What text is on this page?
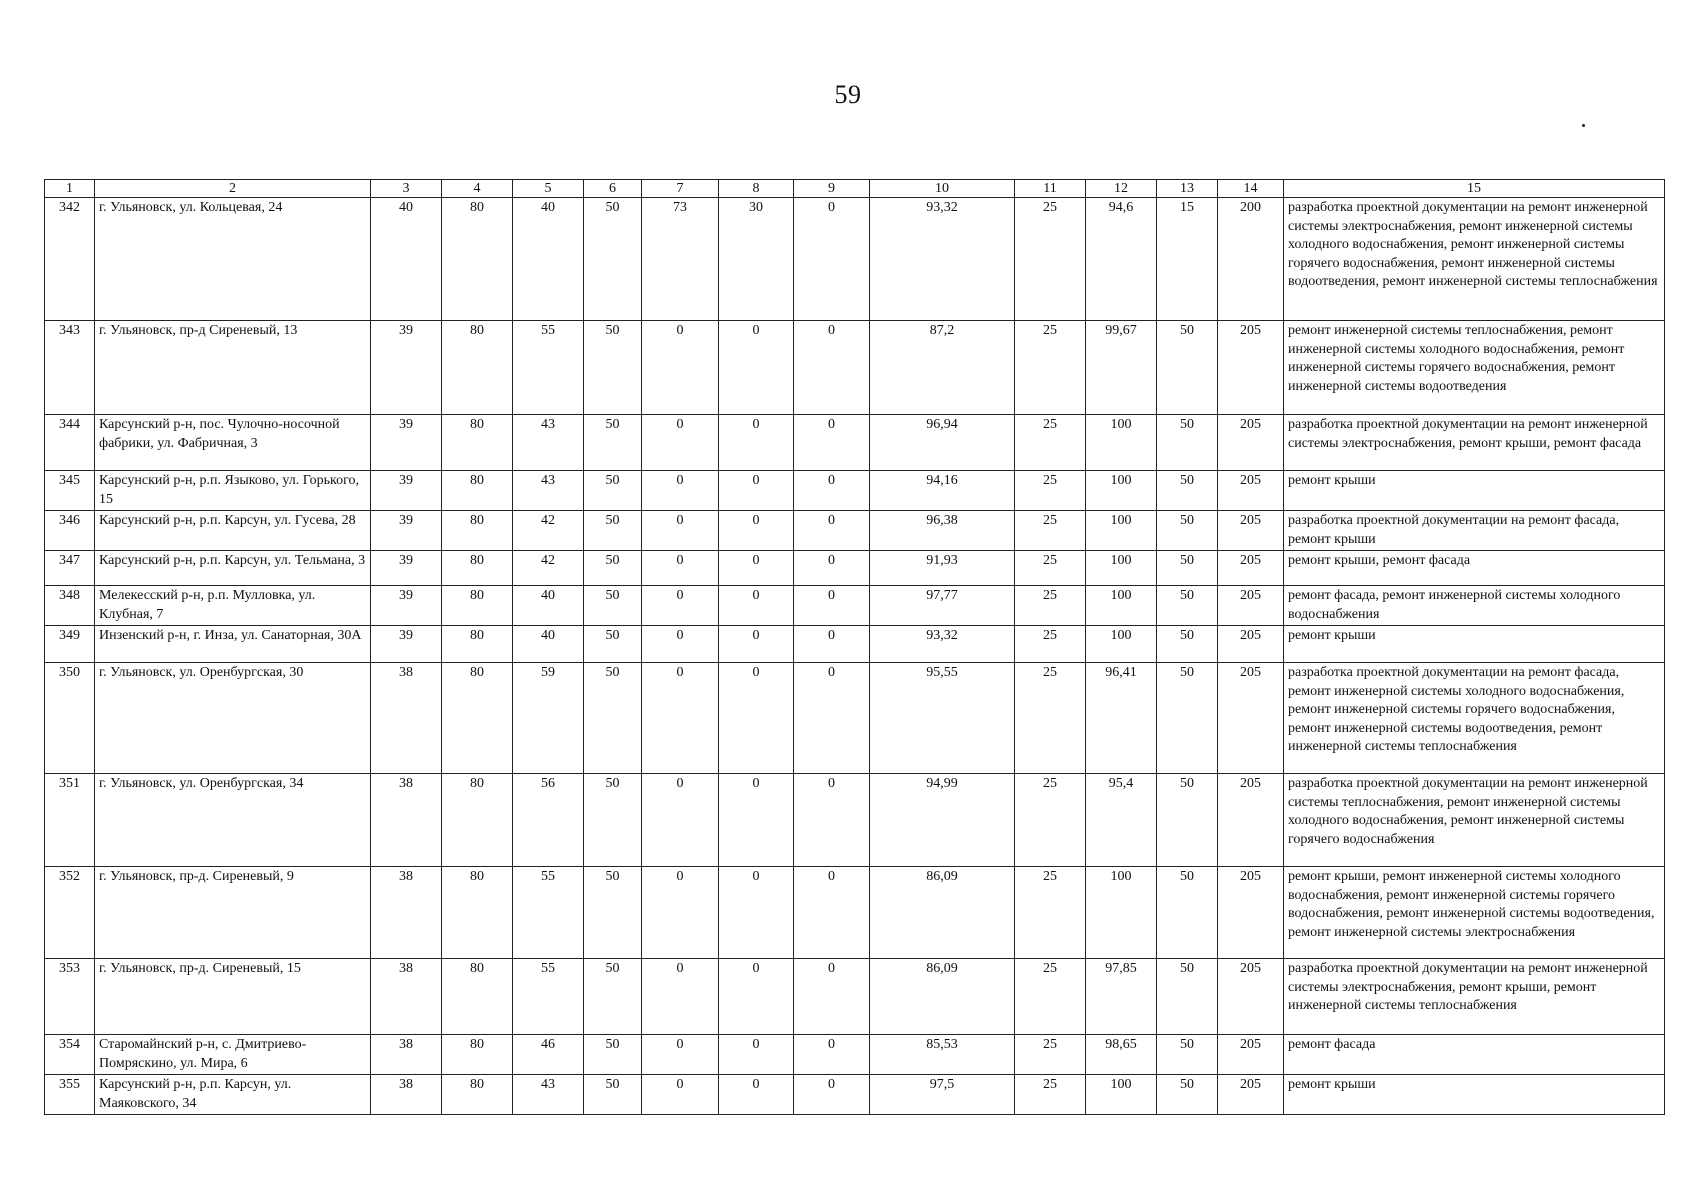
59
1	2	3	4	5	6	7	8	9	10	11	12	13	14	15
342	г. Ульяновск, ул. Кольцевая, 24	40	80	40	50	73	30	0	93,32	25	94,6	15	200	разработка проектной документации на ремонт инженерной системы электроснабжения, ремонт инженерной системы холодного водоснабжения, ремонт инженерной системы горячего водоснабжения, ремонт инженерной системы водоотведения, ремонт инженерной системы теплоснабжения
343	г. Ульяновск, пр-д Сиреневый, 13	39	80	55	50	0	0	0	87,2	25	99,67	50	205	ремонт инженерной системы теплоснабжения, ремонт инженерной системы холодного водоснабжения, ремонт инженерной системы горячего водоснабжения, ремонт инженерной системы водоотведения
344	Карсунский р-н, пос. Чулочно-носочной фабрики, ул. Фабричная, 3	39	80	43	50	0	0	0	96,94	25	100	50	205	разработка проектной документации на ремонт инженерной системы электроснабжения, ремонт крыши, ремонт фасада
345	Карсунский р-н, р.п. Языково, ул. Горького, 15	39	80	43	50	0	0	0	94,16	25	100	50	205	ремонт крыши
346	Карсунский р-н, р.п. Карсун, ул. Гусева, 28	39	80	42	50	0	0	0	96,38	25	100	50	205	разработка проектной документации на ремонт фасада, ремонт крыши
347	Карсунский р-н, р.п. Карсун, ул. Тельмана, 3	39	80	42	50	0	0	0	91,93	25	100	50	205	ремонт крыши, ремонт фасада
348	Мелекесский р-н, р.п. Мулловка, ул. Клубная, 7	39	80	40	50	0	0	0	97,77	25	100	50	205	ремонт фасада, ремонт инженерной системы холодного водоснабжения
349	Инзенский р-н, г. Инза, ул. Санаторная, 30А	39	80	40	50	0	0	0	93,32	25	100	50	205	ремонт крыши
350	г. Ульяновск, ул. Оренбургская, 30	38	80	59	50	0	0	0	95,55	25	96,41	50	205	разработка проектной документации на ремонт фасада, ремонт инженерной системы холодного водоснабжения, ремонт инженерной системы горячего водоснабжения, ремонт инженерной системы водоотведения, ремонт инженерной системы теплоснабжения
351	г. Ульяновск, ул. Оренбургская, 34	38	80	56	50	0	0	0	94,99	25	95,4	50	205	разработка проектной документации на ремонт инженерной системы теплоснабжения, ремонт инженерной системы холодного водоснабжения, ремонт инженерной системы горячего водоснабжения
352	г. Ульяновск, пр-д. Сиреневый, 9	38	80	55	50	0	0	0	86,09	25	100	50	205	ремонт крыши, ремонт инженерной системы холодного водоснабжения, ремонт инженерной системы горячего водоснабжения, ремонт инженерной системы водоотведения, ремонт инженерной системы электроснабжения
353	г. Ульяновск, пр-д. Сиреневый, 15	38	80	55	50	0	0	0	86,09	25	97,85	50	205	разработка проектной документации на ремонт инженерной системы электроснабжения, ремонт крыши, ремонт инженерной системы теплоснабжения
354	Старомайнский р-н, с. Дмитриево-Помряскино, ул. Мира, 6	38	80	46	50	0	0	0	85,53	25	98,65	50	205	ремонт фасада
355	Карсунский р-н, р.п. Карсун, ул. Маяковского, 34	38	80	43	50	0	0	0	97,5	25	100	50	205	ремонт крыши
